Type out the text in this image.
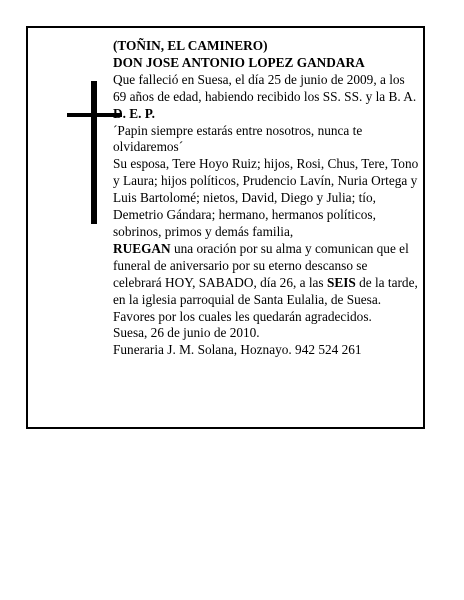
(TOÑIN, EL CAMINERO)

DON JOSE ANTONIO LOPEZ GANDARA

Que falleció en Suesa, el día 25 de junio de 2009, a los 69 años de edad, habiendo recibido los SS. SS. y la B. A.

D. E. P.

´Papin siempre estarás entre nosotros, nunca te olvidaremos´

Su esposa, Tere Hoyo Ruiz; hijos, Rosi, Chus, Tere, Tono y Laura; hijos políticos, Prudencio Lavín, Nuria Ortega y Luis Bartolomé; nietos, David, Diego y Julia; tío, Demetrio Gándara; hermano, hermanos políticos, sobrinos, primos y demás familia,

RUEGAN una oración por su alma y comunican que el funeral de aniversario por su eterno descanso se celebrará HOY, SABADO, día 26, a las SEIS de la tarde, en la iglesia parroquial de Santa Eulalia, de Suesa. Favores por los cuales les quedarán agradecidos.

Suesa, 26 de junio de 2010.

Funeraria J. M. Solana, Hoznayo. 942 524 261
